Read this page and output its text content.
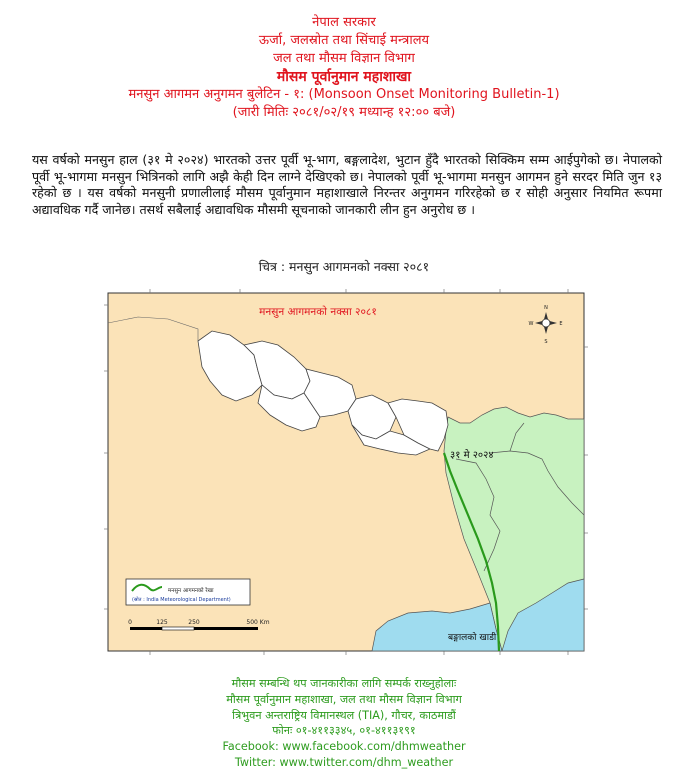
नेपाल सरकार
ऊर्जा, जलस्रोत तथा सिंचाई मन्त्रालय
जल तथा मौसम विज्ञान विभाग
मौसम पूर्वानुमान महाशाखा
मनसुन आगमन अनुगमन बुलेटिन - १: (Monsoon Onset Monitoring Bulletin-1)
(जारी मितिः २०८१/०२/१९ मध्यान्ह १२:०० बजे)
यस वर्षको मनसुन हाल (३१ मे २०२४) भारतको उत्तर पूर्वी भू-भाग, बङ्गलादेश, भुटान हुँदै भारतको सिक्किम सम्म आईपुगेको छ। नेपालको पूर्वी भू-भागमा मनसुन भित्रिनको लागि अझै केही दिन लाग्ने देखिएको छ। नेपालको पूर्वी भू-भागमा मनसुन आगमन हुने सरदर मिति जुन १३ रहेको छ । यस वर्षको मनसुनी प्रणालीलाई मौसम पूर्वानुमान महाशाखाले निरन्तर अनुगमन गरिरहेको छ र सोही अनुसार नियमित रूपमा अद्यावधिक गर्दै जानेछ। तसर्थ सबैलाई अद्यावधिक मौसमी सूचनाको जानकारी लीन हुन अनुरोध छ ।
चित्र : मनसुन आगमनको नक्सा २०८१
मनसुन आगमनको नक्सा २०८१
३१ मे २०२४
बङ्गालको खाडी
N
S
E
W
मनसुन आगमनको रेखा
(स्रोत : India Meteorological Department)
0	125	250	500 Km
मौसम सम्बन्धि थप जानकारीका लागि सम्पर्क राख्नुहोलाः
मौसम पूर्वानुमान महाशाखा, जल तथा मौसम विज्ञान विभाग
त्रिभुवन अन्तराष्ट्रिय विमानस्थल (TIA), गौचर, काठमाडौं
फोनः ०१-४११३३४५, ०१-४११३१९१
Facebook: www.facebook.com/dhmweather
Twitter: www.twitter.com/dhm_weather
